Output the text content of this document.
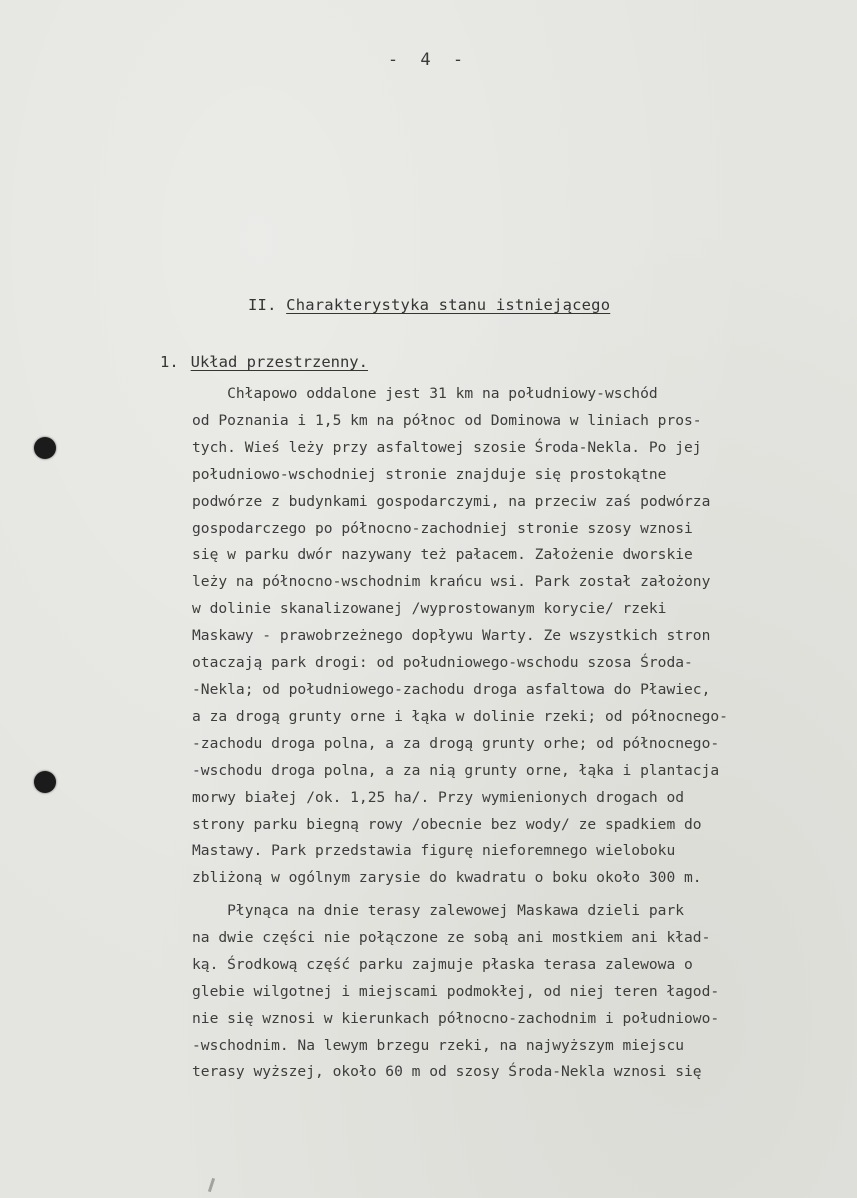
- 4 -
II. Charakterystyka stanu istniejącego
1. Układ przestrzenny.

Chłapowo oddalone jest 31 km na południowy-wschód
od Poznania i 1,5 km na północ od Dominowa w liniach pros-
tych. Wieś leży przy asfaltowej szosie Środa-Nekla. Po jej
południowo-wschodniej stronie znajduje się prostokątne
podwórze z budynkami gospodarczymi, na przeciw zaś podwórza
gospodarczego po północno-zachodniej stronie szosy wznosi
się w parku dwór nazywany też pałacem. Założenie dworskie
leży na północno-wschodnim krańcu wsi. Park został założony
w dolinie skanalizowanej /wyprostowanym korycie/ rzeki
Maskawy - prawobrzeżnego dopływu Warty. Ze wszystkich stron
otaczają park drogi: od południowego-wschodu szosa Środa-
-Nekla; od południowego-zachodu droga asfaltowa do Pławiec,
a za drogą grunty orne i łąka w dolinie rzeki; od północnego-
-zachodu droga polna, a za drogą grunty orhe; od północnego-
-wschodu droga polna, a za nią grunty orne, łąka i plantacja
morwy białej /ok. 1,25 ha/. Przy wymienionych drogach od
strony parku biegną rowy /obecnie bez wody/ ze spadkiem do
Mastawy. Park przedstawia figurę nieforemnego wieloboku
zbliżoną w ogólnym zarysie do kwadratu o boku około 300 m.

Płynąca na dnie terasy zalewowej Maskawa dzieli park
na dwie części nie połączone ze sobą ani mostkiem ani kład-
ką. Środkową część parku zajmuje płaska terasa zalewowa o
glebie wilgotnej i miejscami podmokłej, od niej teren łagod-
nie się wznosi w kierunkach północno-zachodnim i południowo-
-wschodnim. Na lewym brzegu rzeki, na najwyższym miejscu
terasy wyższej, około 60 m od szosy Środa-Nekla wznosi się
